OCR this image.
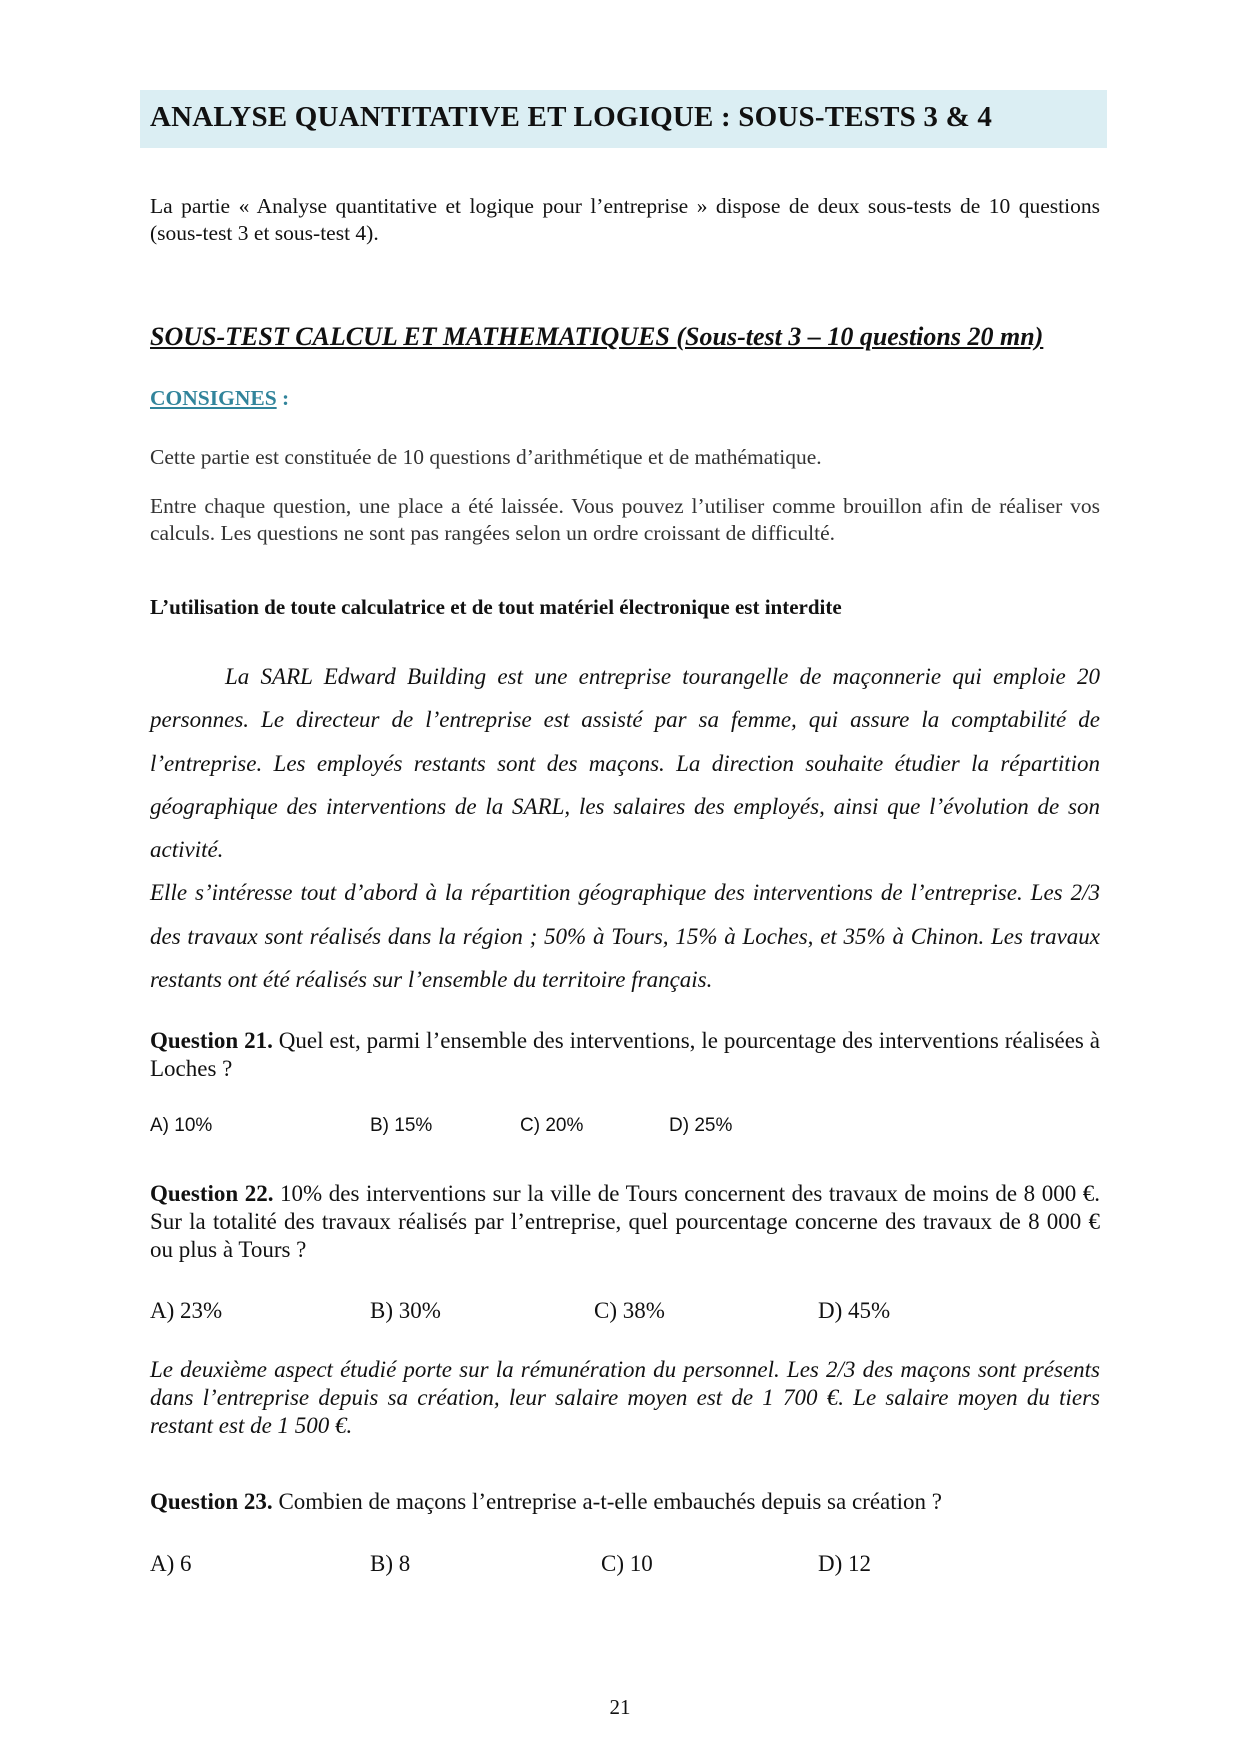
ANALYSE QUANTITATIVE ET LOGIQUE : SOUS-TESTS 3 & 4
La partie « Analyse quantitative et logique pour l’entreprise » dispose de deux sous-tests de 10 questions (sous-test 3 et sous-test 4).
SOUS-TEST CALCUL ET MATHEMATIQUES (Sous-test 3 – 10 questions 20 mn)
CONSIGNES :
Cette partie est constituée de 10 questions d’arithmétique et de mathématique.
Entre chaque question, une place a été laissée. Vous pouvez l’utiliser comme brouillon afin de réaliser vos calculs. Les questions ne sont pas rangées selon un ordre croissant de difficulté.
L’utilisation de toute calculatrice et de tout matériel électronique est interdite
La SARL Edward Building est une entreprise tourangelle de maçonnerie qui emploie 20 personnes. Le directeur de l’entreprise est assisté par sa femme, qui assure la comptabilité de l’entreprise. Les employés restants sont des maçons. La direction souhaite étudier la répartition géographique des interventions de la SARL, les salaires des employés, ainsi que l’évolution de son activité.
Elle s’intéresse tout d’abord à la répartition géographique des interventions de l’entreprise. Les 2/3 des travaux sont réalisés dans la région ; 50% à Tours, 15% à Loches, et 35% à Chinon. Les travaux restants ont été réalisés sur l’ensemble du territoire français.
Question 21. Quel est, parmi l’ensemble des interventions, le pourcentage des interventions réalisées à Loches ?
A) 10%	B) 15%	C) 20%	D) 25%
Question 22. 10% des interventions sur la ville de Tours concernent des travaux de moins de 8 000 €. Sur la totalité des travaux réalisés par l’entreprise, quel pourcentage concerne des travaux de 8 000 € ou plus à Tours ?
A) 23%	B) 30%	C) 38%	D) 45%
Le deuxième aspect étudié porte sur la rémunération du personnel. Les 2/3 des maçons sont présents dans l’entreprise depuis sa création, leur salaire moyen est de 1 700 €. Le salaire moyen du tiers restant est de 1 500 €.
Question 23. Combien de maçons l’entreprise a-t-elle embauchés depuis sa création ?
A) 6	B) 8	C) 10	D) 12
21
